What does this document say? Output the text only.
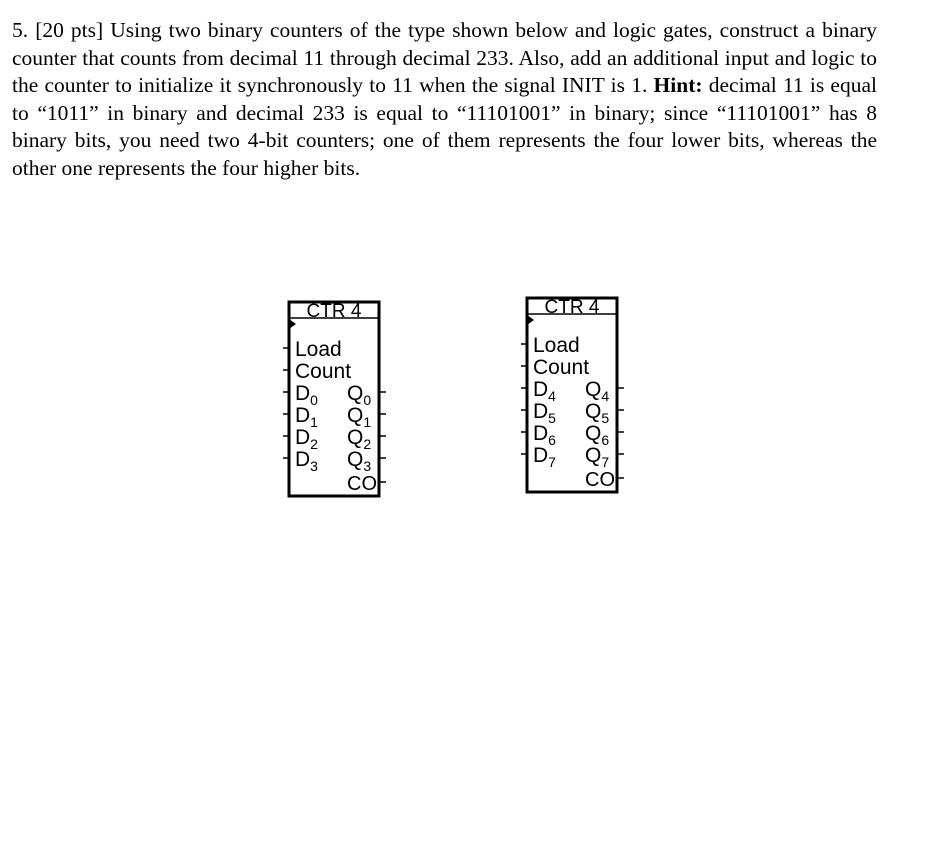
5. [20 pts] Using two binary counters of the type shown below and logic gates, construct a binary counter that counts from decimal 11 through decimal 233. Also, add an additional input and logic to the counter to initialize it synchronously to 11 when the signal INIT is 1. Hint: decimal 11 is equal to “1011” in binary and decimal 233 is equal to “11101001” in binary; since “11101001” has 8 binary bits, you need two 4-bit counters; one of them represents the four lower bits, whereas the other one represents the four higher bits.

CTR 4
Load
Count
$D_0$
$D_1$
$D_2$
$D_3$
$Q_0$
$Q_1$
$Q_2$
$Q_3$
CO
CTR 4
Load
Count
$D_4$
$D_5$
$D_6$
$D_7$
$Q_4$
$Q_5$
$Q_6$
$Q_7$
CO
